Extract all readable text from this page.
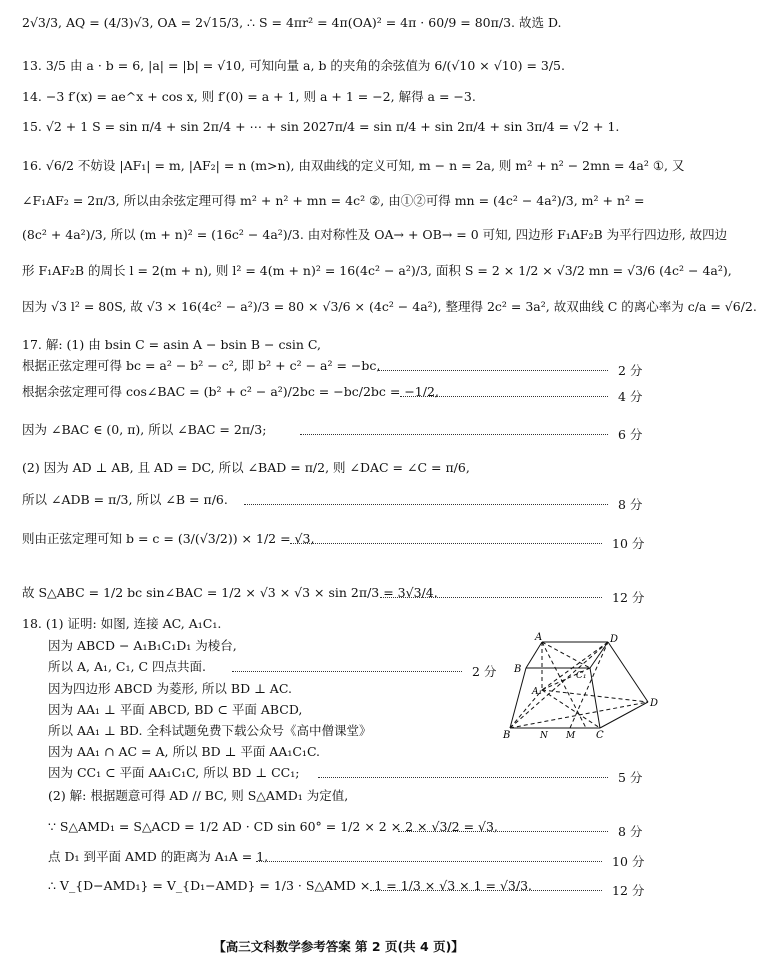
2√3/3, AQ = (4/3)√3, OA = 2√15/3, ∴ S = 4πr² = 4π(OA)² = 4π · 60/9 = 80π/3. 故选 D.
13. 3/5 由 a · b = 6, |a| = |b| = √10, 可知向量 a, b 的夹角的余弦值为 6/(√10 × √10) = 3/5.
14. −3 f′(x) = ae^x + cos x, 则 f′(0) = a + 1, 则 a + 1 = −2, 解得 a = −3.
15. √2 + 1 S = sin π/4 + sin 2π/4 + ⋯ + sin 2027π/4 = sin π/4 + sin 2π/4 + sin 3π/4 = √2 + 1.
16. √6/2 不妨设 |AF₁| = m, |AF₂| = n (m>n), 由双曲线的定义可知, m − n = 2a, 则 m² + n² − 2mn = 4a² ①, 又
∠F₁AF₂ = 2π/3, 所以由余弦定理可得 m² + n² + mn = 4c² ②, 由①②可得 mn = (4c² − 4a²)/3, m² + n² =
(8c² + 4a²)/3, 所以 (m + n)² = (16c² − 4a²)/3. 由对称性及 OA→ + OB→ = 0 可知, 四边形 F₁AF₂B 为平行四边形, 故四边
形 F₁AF₂B 的周长 l = 2(m + n), 则 l² = 4(m + n)² = 16(4c² − a²)/3, 面积 S = 2 × 1/2 × √3/2 mn = √3/6 (4c² − 4a²),
因为 √3 l² = 80S, 故 √3 × 16(4c² − a²)/3 = 80 × √3/6 × (4c² − 4a²), 整理得 2c² = 3a², 故双曲线 C 的离心率为 c/a = √6/2.
17. 解: (1) 由 bsin C = asin A − bsin B − csin C,
根据正弦定理可得 bc = a² − b² − c², 即 b² + c² − a² = −bc,
根据余弦定理可得 cos∠BAC = (b² + c² − a²)/2bc = −bc/2bc = −1/2,
因为 ∠BAC ∈ (0, π), 所以 ∠BAC = 2π/3;
(2) 因为 AD ⊥ AB, 且 AD = DC, 所以 ∠BAD = π/2, 则 ∠DAC = ∠C = π/6,
所以 ∠ADB = π/3, 所以 ∠B = π/6.
则由正弦定理可知 b = c = (3/(√3/2)) × 1/2 = √3,
故 S△ABC = 1/2 bc sin∠BAC = 1/2 × √3 × √3 × sin 2π/3 = 3√3/4.
18. (1) 证明: 如图, 连接 AC, A₁C₁.
因为 ABCD − A₁B₁C₁D₁ 为棱台,
所以 A, A₁, C₁, C 四点共面.
因为四边形 ABCD 为菱形, 所以 BD ⊥ AC.
因为 AA₁ ⊥ 平面 ABCD, BD ⊂ 平面 ABCD,
所以 AA₁ ⊥ BD. 全科试题免费下载公众号《高中僧课堂》
因为 AA₁ ∩ AC = A, 所以 BD ⊥ 平面 AA₁C₁C.
因为 CC₁ ⊂ 平面 AA₁C₁C, 所以 BD ⊥ CC₁;
(2) 解: 根据题意可得 AD // BC, 则 S△AMD₁ 为定值,
∵ S△AMD₁ = S△ACD = 1/2 AD · CD sin 60° = 1/2 × 2 × 2 × √3/2 = √3,
点 D₁ 到平面 AMD 的距离为 A₁A = 1,
∴ V_{D−AMD₁} = V_{D₁−AMD} = 1/3 · S△AMD × 1 = 1/3 × √3 × 1 = √3/3.
2 分
4 分
6 分
8 分
10 分
12 分
2 分
5 分
8 分
10 分
12 分
A	D
B
C₁
A₁
D
B	N M C
【高三文科数学参考答案 第 2 页(共 4 页)】
